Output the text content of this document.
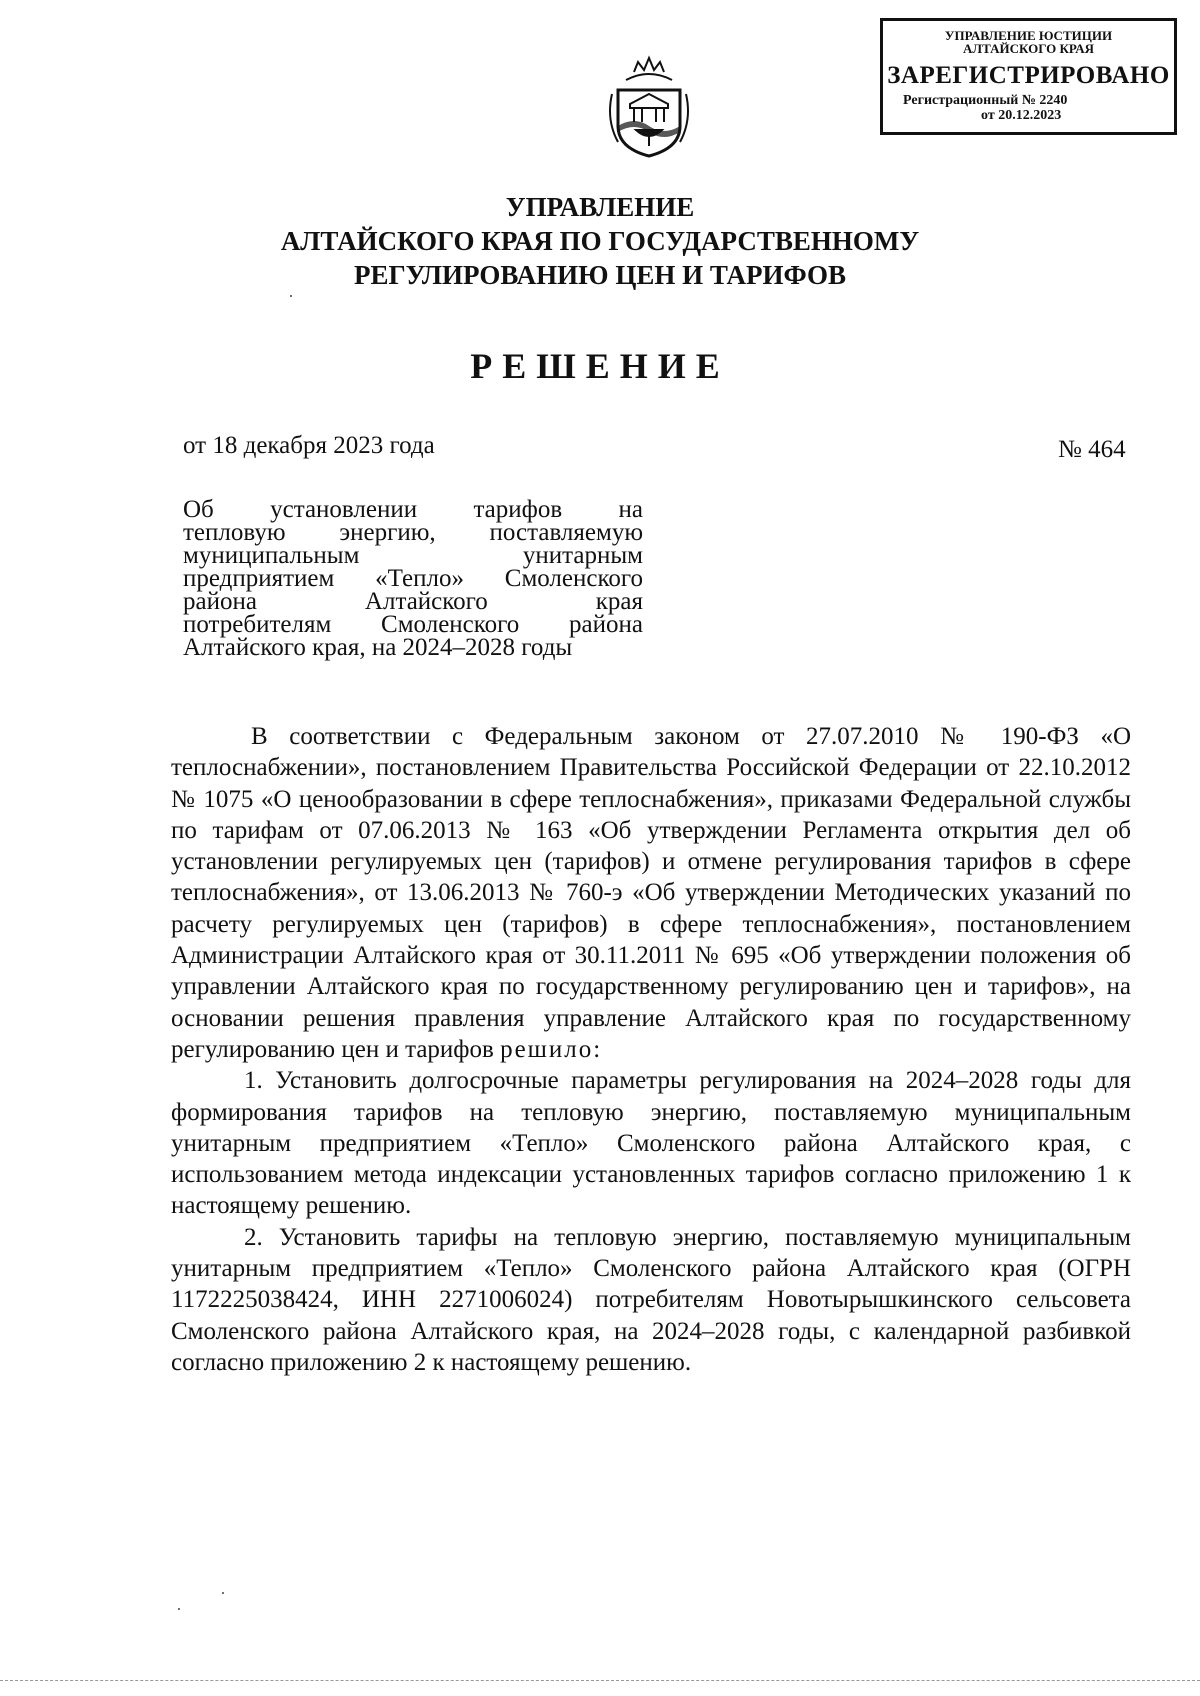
УПРАВЛЕНИЕ ЮСТИЦИИ
АЛТАЙСКОГО КРАЯ
ЗАРЕГИСТРИРОВАНО
Регистрационный № 2240
от 20.12.2023
УПРАВЛЕНИЕ
АЛТАЙСКОГО КРАЯ ПО ГОСУДАРСТВЕННОМУ
РЕГУЛИРОВАНИЮ ЦЕН И ТАРИФОВ
РЕШЕНИЕ
от 18 декабря 2023 года	№ 464
Об установлении тарифов на
тепловую энергию, поставляемую
муниципальным унитарным
предприятием «Тепло» Смоленского
района Алтайского края
потребителям Смоленского района
Алтайского края, на 2024–2028 годы

В соответствии с Федеральным законом от 27.07.2010 № 190-ФЗ «О теплоснабжении», постановлением Правительства Российской Федерации от 22.10.2012 № 1075 «О ценообразовании в сфере теплоснабжения», приказами Федеральной службы по тарифам от 07.06.2013 № 163 «Об утверждении Регламента открытия дел об установлении регулируемых цен (тарифов) и отмене регулирования тарифов в сфере теплоснабжения», от 13.06.2013 № 760-э «Об утверждении Методических указаний по расчету регулируемых цен (тарифов) в сфере теплоснабжения», постановлением Администрации Алтайского края от 30.11.2011 № 695 «Об утверждении положения об управлении Алтайского края по государственному регулированию цен и тарифов», на основании решения правления управление Алтайского края по государственному регулированию цен и тарифов решило:

1. Установить долгосрочные параметры регулирования на 2024–2028 годы для формирования тарифов на тепловую энергию, поставляемую муниципальным унитарным предприятием «Тепло» Смоленского района Алтайского края, с использованием метода индексации установленных тарифов согласно приложению 1 к настоящему решению.

2. Установить тарифы на тепловую энергию, поставляемую муниципальным унитарным предприятием «Тепло» Смоленского района Алтайского края (ОГРН 1172225038424, ИНН 2271006024) потребителям Новотырышкинского сельсовета Смоленского района Алтайского края, на 2024–2028 годы, с календарной разбивкой согласно приложению 2 к настоящему решению.
